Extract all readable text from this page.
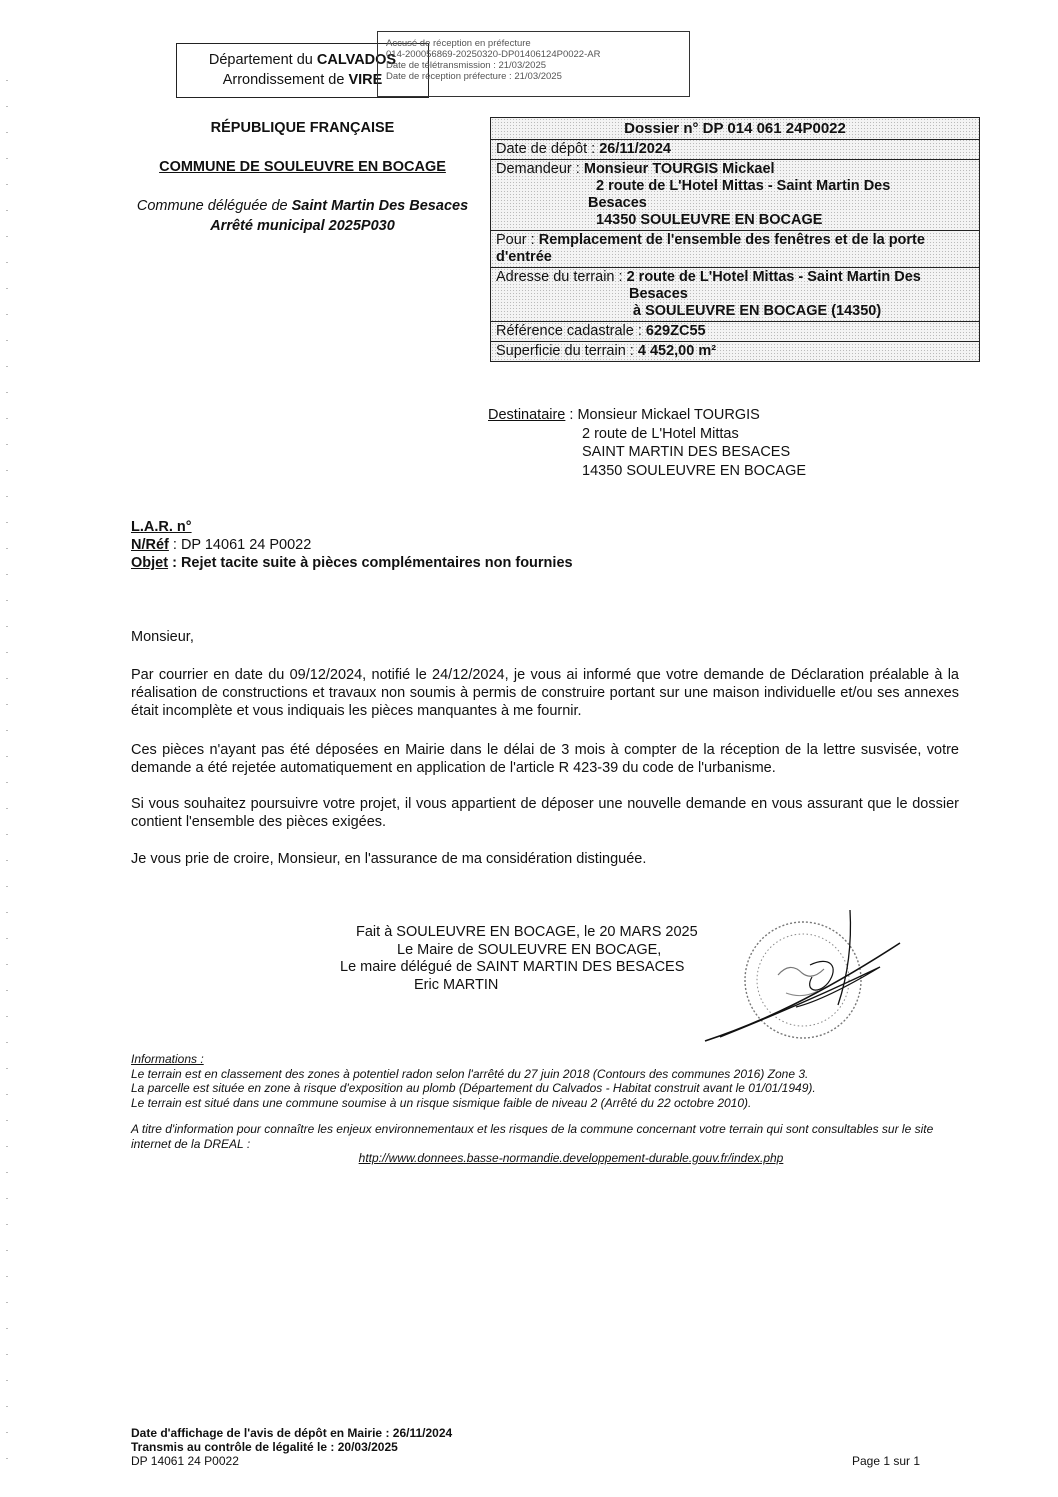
Département du CALVADOS
Arrondissement de VIRE
Accusé de réception en préfecture
014-200056869-20250320-DP01406124P0022-AR
Date de télétransmission : 21/03/2025
Date de réception préfecture : 21/03/2025
RÉPUBLIQUE FRANÇAISE
COMMUNE DE SOULEUVRE EN BOCAGE
Commune déléguée de Saint Martin Des Besaces
Arrêté municipal 2025P030
Dossier n° DP 014 061 24P0022
Date de dépôt : 26/11/2024
Demandeur : Monsieur TOURGIS Mickael
2 route de L'Hotel Mittas - Saint Martin Des
Besaces
14350 SOULEUVRE EN BOCAGE
Pour : Remplacement de l'ensemble des fenêtres et de la porte d'entrée
Adresse du terrain : 2 route de L'Hotel Mittas - Saint Martin Des
Besaces
à SOULEUVRE EN BOCAGE (14350)
Référence cadastrale : 629ZC55
Superficie du terrain : 4 452,00 m²
Destinataire : Monsieur Mickael TOURGIS
2 route de L'Hotel Mittas
SAINT MARTIN DES BESACES
14350 SOULEUVRE EN BOCAGE
L.A.R. n°
N/Réf : DP 14061 24 P0022
Objet : Rejet tacite suite à pièces complémentaires non fournies
Monsieur,
Par courrier en date du 09/12/2024, notifié le 24/12/2024, je vous ai informé que votre demande de Déclaration préalable à la réalisation de constructions et travaux non soumis à permis de construire portant sur une maison individuelle et/ou ses annexes était incomplète et vous indiquais les pièces manquantes à me fournir.
Ces pièces n'ayant pas été déposées en Mairie dans le délai de 3 mois à compter de la réception de la lettre susvisée, votre demande a été rejetée automatiquement en application de l'article R 423-39 du code de l'urbanisme.
Si vous souhaitez poursuivre votre projet, il vous appartient de déposer une nouvelle demande en vous assurant que le dossier contient l'ensemble des pièces exigées.
Je vous prie de croire, Monsieur, en l'assurance de ma considération distinguée.
Fait à SOULEUVRE EN BOCAGE, le 20 MARS 2025
Le Maire de SOULEUVRE EN BOCAGE,
Le maire délégué de SAINT MARTIN DES BESACES
Eric MARTIN
Informations :
Le terrain est en classement des zones à potentiel radon selon l'arrêté du 27 juin 2018 (Contours des communes 2016) Zone 3.
La parcelle est située en zone à risque d'exposition au plomb (Département du Calvados - Habitat construit avant le 01/01/1949).
Le terrain est situé dans une commune soumise à un risque sismique faible de niveau 2 (Arrêté du 22 octobre 2010).
A titre d'information pour connaître les enjeux environnementaux et les risques de la commune concernant votre terrain qui sont consultables sur le site internet de la DREAL :
http://www.donnees.basse-normandie.developpement-durable.gouv.fr/index.php
Date d'affichage de l'avis de dépôt en Mairie : 26/11/2024
Transmis au contrôle de légalité le : 20/03/2025
DP 14061 24 P0022	Page 1 sur 1
